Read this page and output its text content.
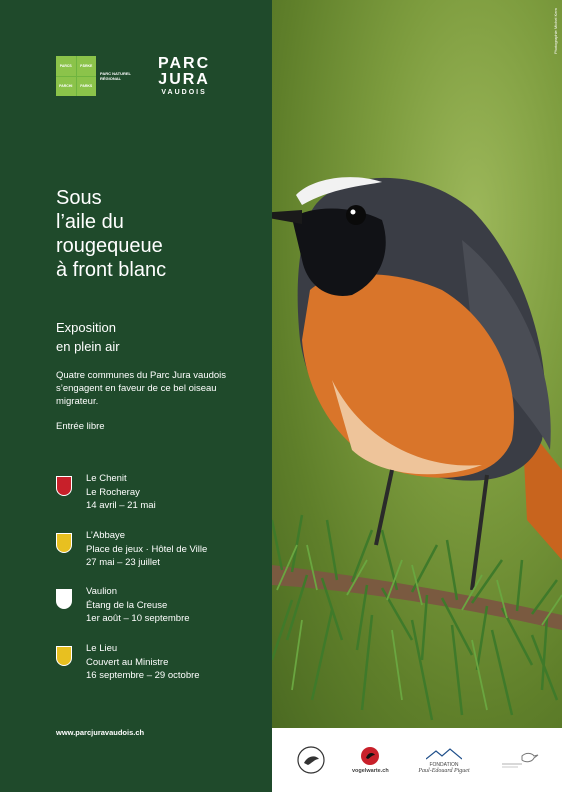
PARCS	PÄRKE
PARCHI	PARKS
PARC NATUREL RÉGIONAL
PARC
JURA
VAUDOIS
Sous
l’aile du
rougequeue
à front blanc
Exposition
en plein air
Quatre communes du Parc Jura vaudois s’engagent en faveur de ce bel oiseau migrateur.
Entrée libre
Le Chenit
Le Rocheray
14 avril – 21 mai
L’Abbaye
Place de jeux · Hôtel de Ville
27 mai – 23 juillet
Vaulion
Étang de la Creuse
1er août – 10 septembre
Le Lieu
Couvert au Ministre
16 septembre – 29 octobre
www.parcjuravaudois.ch
Photographie Michel Kern
vogelwarte.ch
FONDATION
Paul-Edouard Piguet
